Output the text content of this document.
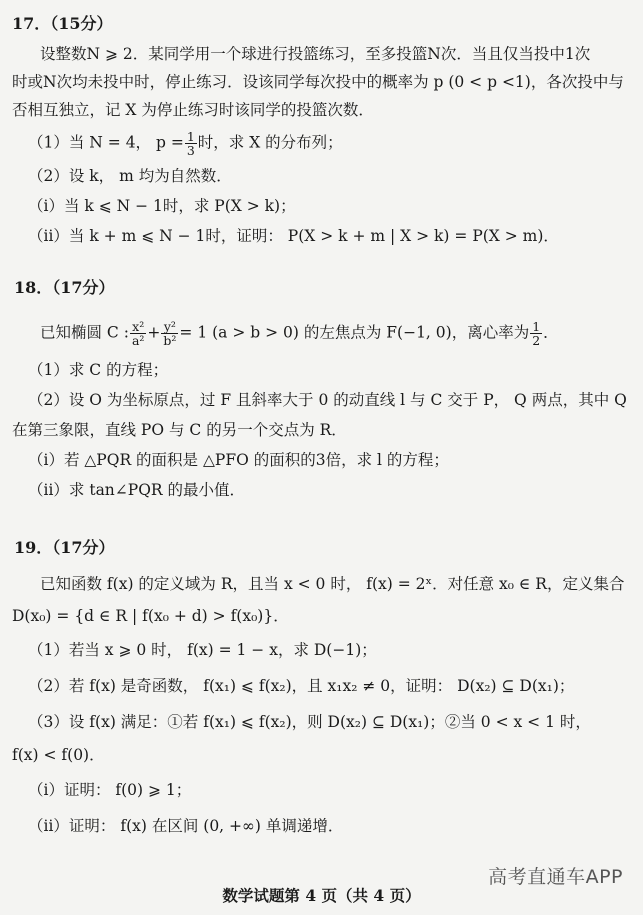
17．（15分）
设整数N ⩾ 2．某同学用一个球进行投篮练习，至多投篮N次．当且仅当投中1次
时或N次均未投中时，停止练习．设该同学每次投中的概率为 p (0 < p <1)，各次投中与
否相互独立，记 X 为停止练习时该同学的投篮次数．
（1）当 N = 4， $p = \frac{1}{3}$ 时，求 X 的分布列；
（2）设 k， m 均为自然数．
（ⅰ）当 k ⩽ N − 1时，求 P(X > k)；
（ⅱ）当 k + m ⩽ N − 1时，证明： P(X > k + m | X > k) = P(X > m)．
18．（17分）
已知椭圆 C : $\frac{\text{x²}}{\text{a²}} + \frac{\text{y²}}{\text{b²}} = 1$ (a > b > 0) 的左焦点为 F(−1, 0)，离心率为 $\frac{1}{2}$ ．
（1）求 C 的方程；
（2）设 O 为坐标原点，过 F 且斜率大于 0 的动直线 l 与 C 交于 P， Q 两点，其中 Q
在第三象限，直线 PO 与 C 的另一个交点为 R．
（ⅰ）若 △PQR 的面积是 △PFO 的面积的3倍，求 l 的方程；
（ⅱ）求 tan∠PQR 的最小值．
19．（17分）
已知函数 f(x) 的定义域为 R，且当 x < 0 时， f(x) = 2ˣ．对任意 x₀ ∈ R，定义集合
D(x₀) = {d ∈ R | f(x₀ + d) > f(x₀)}．
（1）若当 x ⩾ 0 时， f(x) = 1 − x，求 D(−1)；
（2）若 f(x) 是奇函数， f(x₁) ⩽ f(x₂)，且 x₁x₂ ≠ 0，证明： D(x₂) ⊆ D(x₁)；
（3）设 f(x) 满足：①若 f(x₁) ⩽ f(x₂)，则 D(x₂) ⊆ D(x₁)；②当 0 < x < 1 时，
f(x) < f(0)．
（ⅰ）证明： f(0) ⩾ 1；
（ⅱ）证明： f(x) 在区间 (0, +∞) 单调递增．
高考直通车APP
数学试题第 4 页（共 4 页）
